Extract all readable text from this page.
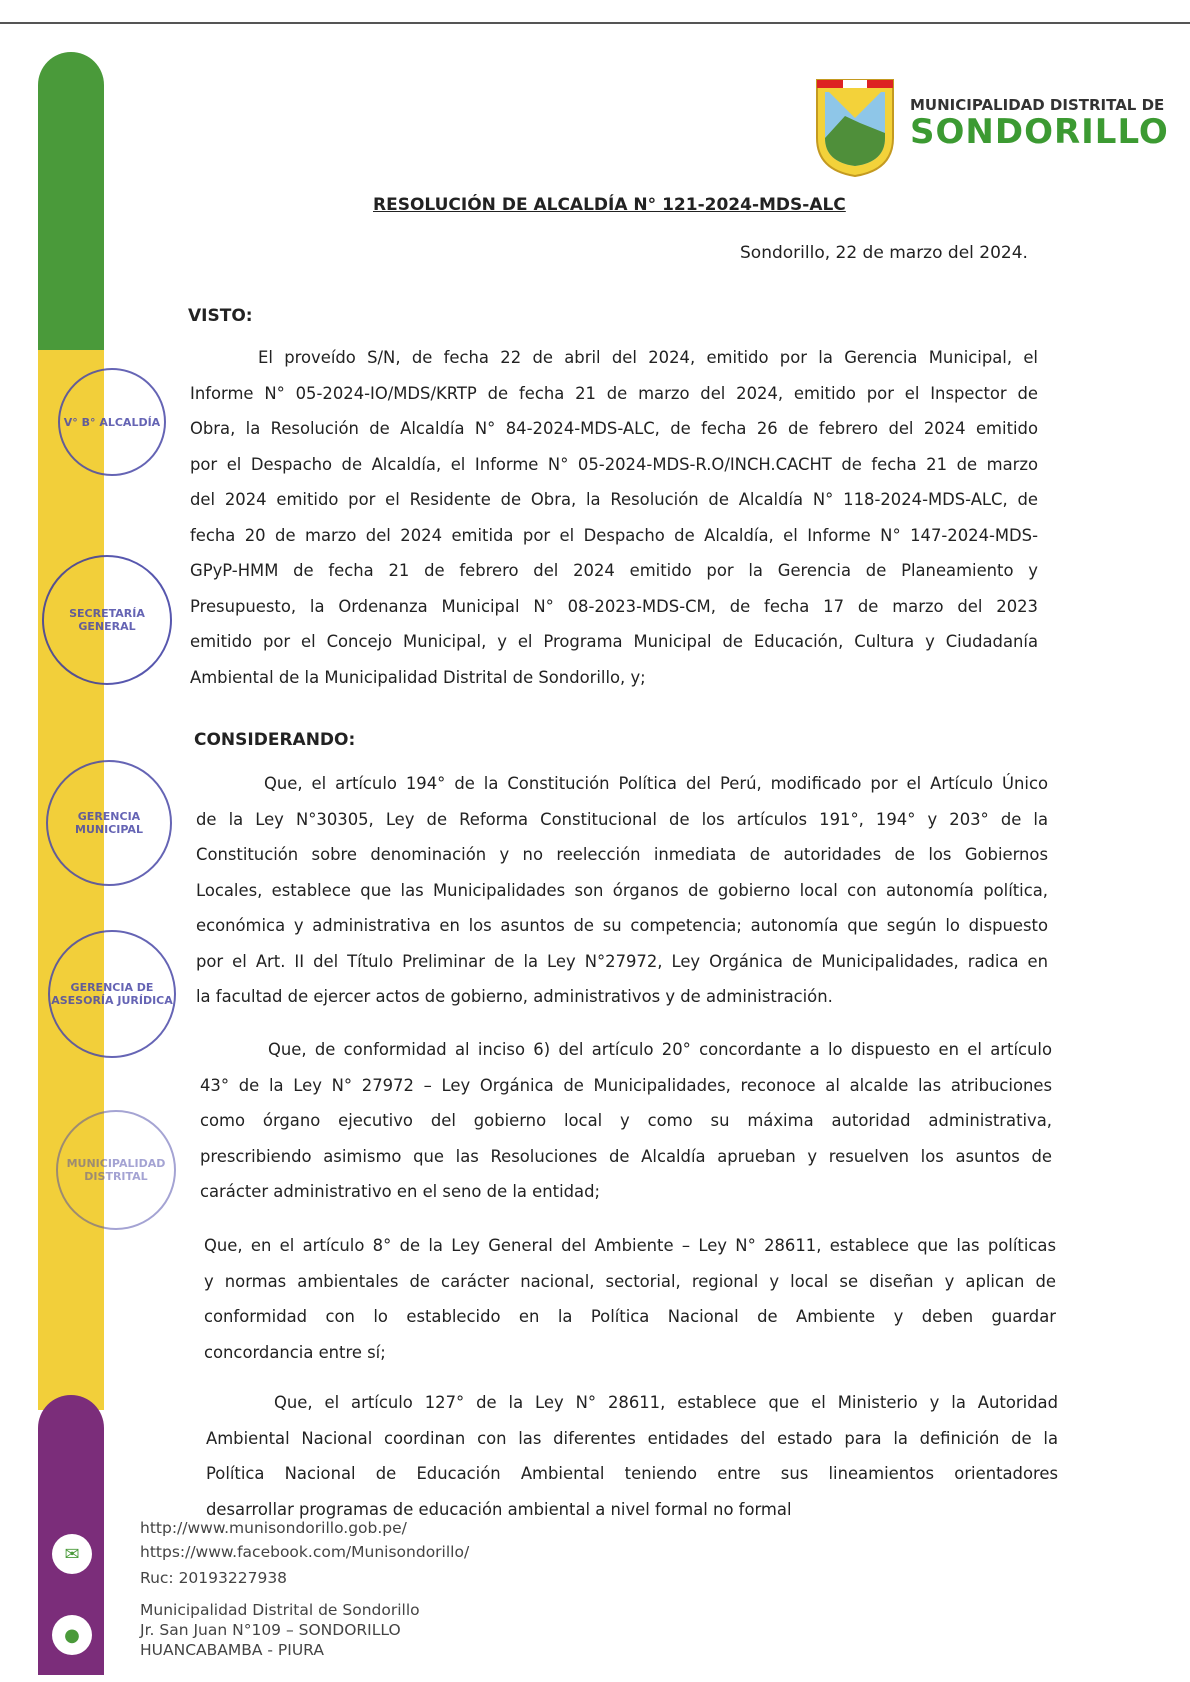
✉
●
MUNICIPALIDAD DISTRITAL DE
SONDORILLO
RESOLUCIÓN DE ALCALDÍA N° 121-2024-MDS-ALC
Sondorillo, 22 de marzo del 2024.
VISTO:
El proveído S/N, de fecha 22 de abril del 2024, emitido por la Gerencia Municipal, el
Informe N° 05-2024-IO/MDS/KRTP de fecha 21 de marzo del 2024, emitido por el Inspector de
Obra, la Resolución de Alcaldía N° 84-2024-MDS-ALC, de fecha 26 de febrero del 2024 emitido
por el Despacho de Alcaldía, el Informe N° 05-2024-MDS-R.O/INCH.CACHT de fecha 21 de marzo
del 2024 emitido por el Residente de Obra, la Resolución de Alcaldía N° 118-2024-MDS-ALC, de
fecha 20 de marzo del 2024 emitida por el Despacho de Alcaldía, el Informe N° 147-2024-MDS-
GPyP-HMM de fecha 21 de febrero del 2024 emitido por la Gerencia de Planeamiento y
Presupuesto, la Ordenanza Municipal N° 08-2023-MDS-CM, de fecha 17 de marzo del 2023
emitido por el Concejo Municipal, y el Programa Municipal de Educación, Cultura y Ciudadanía
Ambiental de la Municipalidad Distrital de Sondorillo, y;
CONSIDERANDO:
Que, el artículo 194° de la Constitución Política del Perú, modificado por el Artículo Único
de la Ley N°30305, Ley de Reforma Constitucional de los artículos 191°, 194° y 203° de la
Constitución sobre denominación y no reelección inmediata de autoridades de los Gobiernos
Locales, establece que las Municipalidades son órganos de gobierno local con autonomía política,
económica y administrativa en los asuntos de su competencia; autonomía que según lo dispuesto
por el Art. II del Título Preliminar de la Ley N°27972, Ley Orgánica de Municipalidades, radica en
la facultad de ejercer actos de gobierno, administrativos y de administración.
Que, de conformidad al inciso 6) del artículo 20° concordante a lo dispuesto en el artículo
43° de la Ley N° 27972 – Ley Orgánica de Municipalidades, reconoce al alcalde las atribuciones
como órgano ejecutivo del gobierno local y como su máxima autoridad administrativa,
prescribiendo asimismo que las Resoluciones de Alcaldía aprueban y resuelven los asuntos de
carácter administrativo en el seno de la entidad;
Que, en el artículo 8° de la Ley General del Ambiente – Ley N° 28611, establece que las políticas
y normas ambientales de carácter nacional, sectorial, regional y local se diseñan y aplican de
conformidad con lo establecido en la Política Nacional de Ambiente y deben guardar
concordancia entre sí;
Que, el artículo 127° de la Ley N° 28611, establece que el Ministerio y la Autoridad
Ambiental Nacional coordinan con las diferentes entidades del estado para la definición de la
Política Nacional de Educación Ambiental teniendo entre sus lineamientos orientadores
desarrollar programas de educación ambiental a nivel formal no formal
V° B° ALCALDÍA
SECRETARÍA GENERAL
GERENCIA MUNICIPAL
GERENCIA DE ASESORÍA JURÍDICA
MUNICIPALIDAD DISTRITAL
http://www.munisondorillo.gob.pe/
https://www.facebook.com/Munisondorillo/
Ruc: 20193227938
Municipalidad Distrital de Sondorillo
Jr. San Juan N°109 – SONDORILLO
HUANCABAMBA - PIURA
